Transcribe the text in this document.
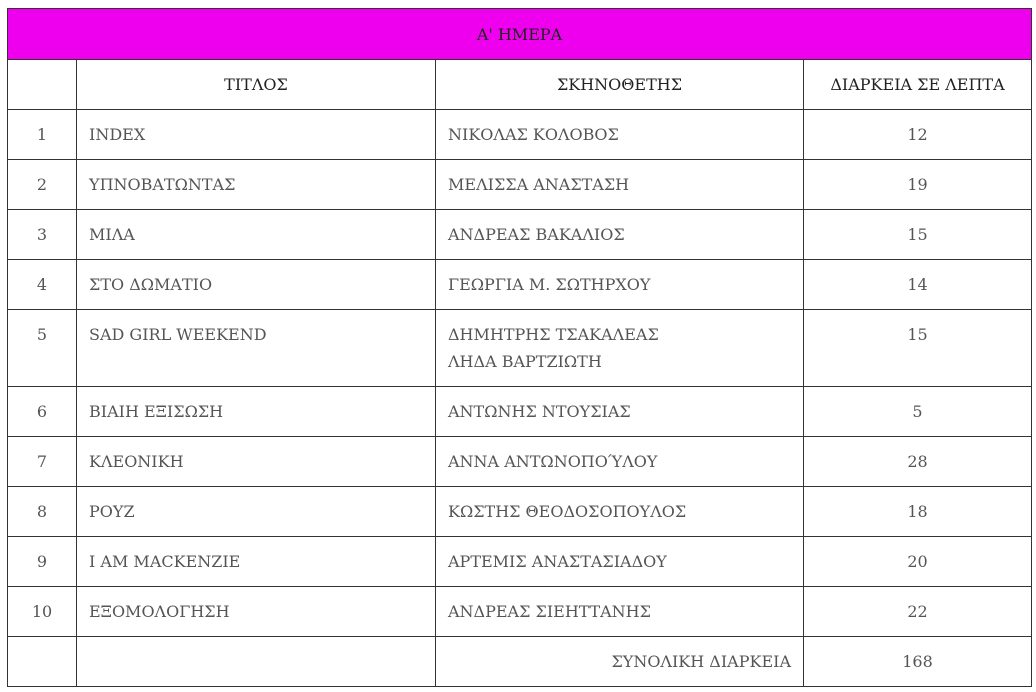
Α' ΗΜΕΡΑ			
	ΤΙΤΛΟΣ	ΣΚΗΝΟΘΕΤΗΣ	ΔΙΑΡΚΕΙΑ ΣΕ ΛΕΠΤΑ
1	INDEX	ΝΙΚΟΛΑΣ ΚΟΛΟΒΟΣ	12
2	ΥΠΝΟΒΑΤΩΝΤΑΣ	ΜΕΛΙΣΣΑ ΑΝΑΣΤΑΣΗ	19
3	ΜΙΛΑ	ΑΝΔΡΕΑΣ ΒΑΚΑΛΙΟΣ	15
4	ΣΤΟ ΔΩΜΑΤΙΟ	ΓΕΩΡΓΙΑ Μ. ΣΩΤΗΡΧΟΥ	14
5	SAD GIRL WEEKEND	ΔΗΜΗΤΡΗΣ ΤΣΑΚΑΛΕΑΣ
ΛΗΔΑ ΒΑΡΤΖΙΩΤΗ	15
6	ΒΙΑΙΗ ΕΞΙΣΩΣΗ	ΑΝΤΩΝΗΣ ΝΤΟΥΣΙΑΣ	5
7	ΚΛΕΟΝΙΚΗ	ΑΝΝΑ ΑΝΤΩΝΟΠΟΎΛΟΥ	28
8	ΡΟΥΖ	ΚΩΣΤΗΣ ΘΕΟΔΟΣΟΠΟΥΛΟΣ	18
9	I AM MACKENZIE	ΑΡΤΕΜΙΣ ΑΝΑΣΤΑΣΙΑΔΟΥ	20
10	ΕΞΟΜΟΛΟΓΗΣΗ	ΑΝΔΡΕΑΣ ΣΙΕΗΤΤΑΝΗΣ	22
		ΣΥΝΟΛΙΚΗ ΔΙΑΡΚΕΙΑ	168
